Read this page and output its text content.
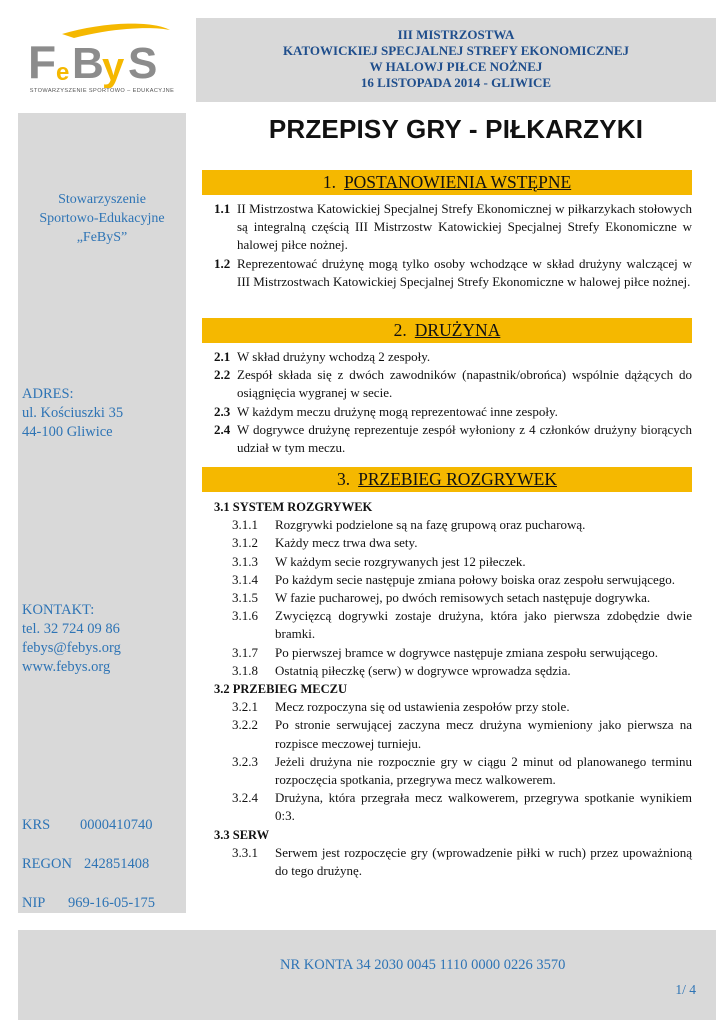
F e B
y S
STOWARZYSZENIE SPORTOWO – EDUKACYJNE
III MISTRZOSTWA
KATOWICKIEJ SPECJALNEJ STREFY EKONOMICZNEJ
W HALOWJ PIŁCE NOŻNEJ
16 LISTOPADA 2014 - GLIWICE
Stowarzyszenie
Sportowo-Edukacyjne
„FeByS”
ADRES:
ul. Kościuszki 35
44-100 Gliwice
KONTAKT:
tel. 32 724 09 86
febys@febys.org
www.febys.org
KRS 0000410740
REGON 242851408
NIP 969-16-05-175
PRZEPISY GRY - PIŁKARZYKI
1. POSTANOWIENIA WSTĘPNE
1.1 II Mistrzostwa Katowickiej Specjalnej Strefy Ekonomicznej w piłkarzykach stołowych są integralną częścią III Mistrzostw Katowickiej Specjalnej Strefy Ekonomiczne w halowej piłce nożnej.
1.2 Reprezentować drużynę mogą tylko osoby wchodzące w skład drużyny walczącej w III Mistrzostwach Katowickiej Specjalnej Strefy Ekonomiczne w halowej piłce nożnej.
2. DRUŻYNA
2.1 W skład drużyny wchodzą 2 zespoły.
2.2 Zespół składa się z dwóch zawodników (napastnik/obrońca) wspólnie dążących do osiągnięcia wygranej w secie.
2.3 W każdym meczu drużynę mogą reprezentować inne zespoły.
2.4 W dogrywce drużynę reprezentuje zespół wyłoniony z 4 członków drużyny biorących udział w tym meczu.
3. PRZEBIEG ROZGRYWEK
3.1 SYSTEM ROZGRYWEK
3.1.1 Rozgrywki podzielone są na fazę grupową oraz pucharową.
3.1.2 Każdy mecz trwa dwa sety.
3.1.3 W każdym secie rozgrywanych jest 12 piłeczek.
3.1.4 Po każdym secie następuje zmiana połowy boiska oraz zespołu serwującego.
3.1.5 W fazie pucharowej, po dwóch remisowych setach następuje dogrywka.
3.1.6 Zwycięzcą dogrywki zostaje drużyna, która jako pierwsza zdobędzie dwie bramki.
3.1.7 Po pierwszej bramce w dogrywce następuje zmiana zespołu serwującego.
3.1.8 Ostatnią piłeczkę (serw) w dogrywce wprowadza sędzia.
3.2 PRZEBIEG MECZU
3.2.1 Mecz rozpoczyna się od ustawienia zespołów przy stole.
3.2.2 Po stronie serwującej zaczyna mecz drużyna wymieniony jako pierwsza na rozpisce meczowej turnieju.
3.2.3 Jeżeli drużyna nie rozpocznie gry w ciągu 2 minut od planowanego terminu rozpoczęcia spotkania, przegrywa mecz walkowerem.
3.2.4 Drużyna, która przegrała mecz walkowerem, przegrywa spotkanie wynikiem 0:3.
3.3 SERW
3.3.1 Serwem jest rozpoczęcie gry (wprowadzenie piłki w ruch) przez upoważnioną do tego drużynę.
NR KONTA 34 2030 0045 1110 0000 0226 3570
1/ 4
